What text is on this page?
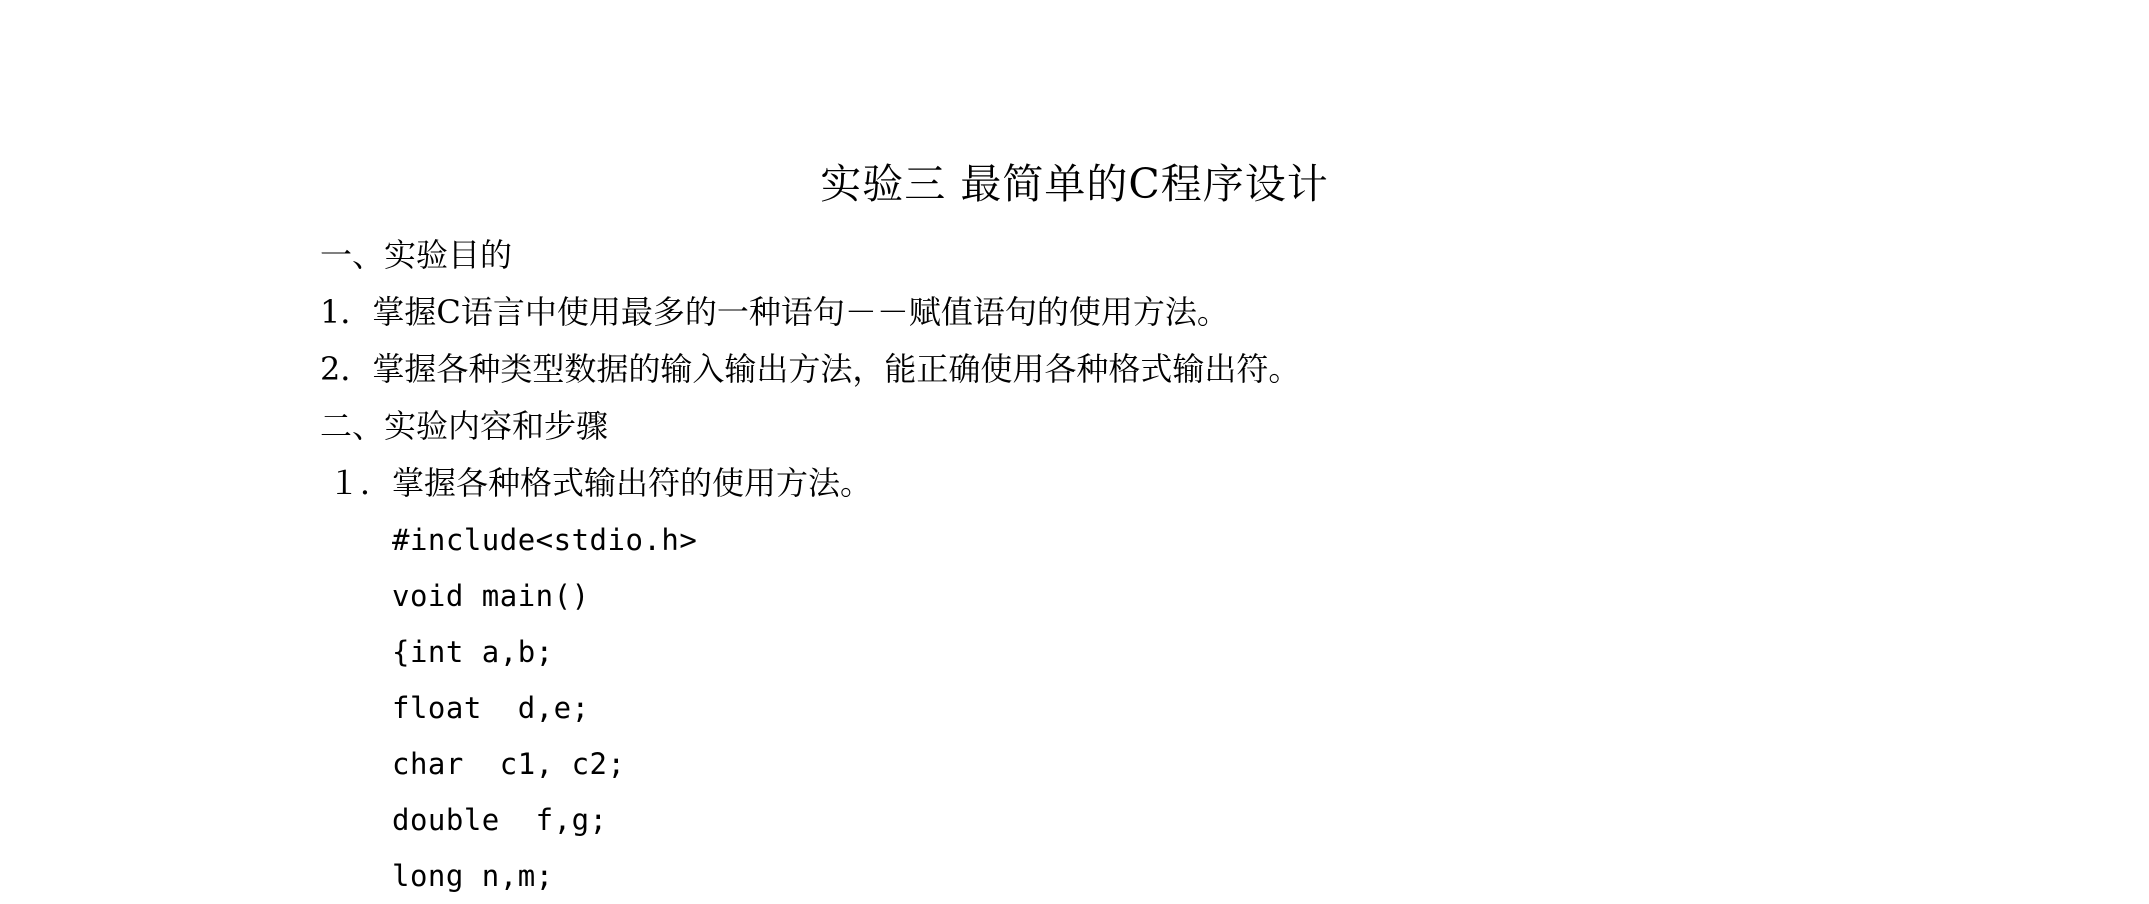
实验三 最简单的C程序设计
一、实验目的
1．掌握C语言中使用最多的一种语句－－赋值语句的使用方法。
2．掌握各种类型数据的输入输出方法，能正确使用各种格式输出符。
二、实验内容和步骤
１．掌握各种格式输出符的使用方法。
#include<stdio.h>
void main()
{int a,b;
float  d,e;
char  c1, c2;
double  f,g;
long n,m;
